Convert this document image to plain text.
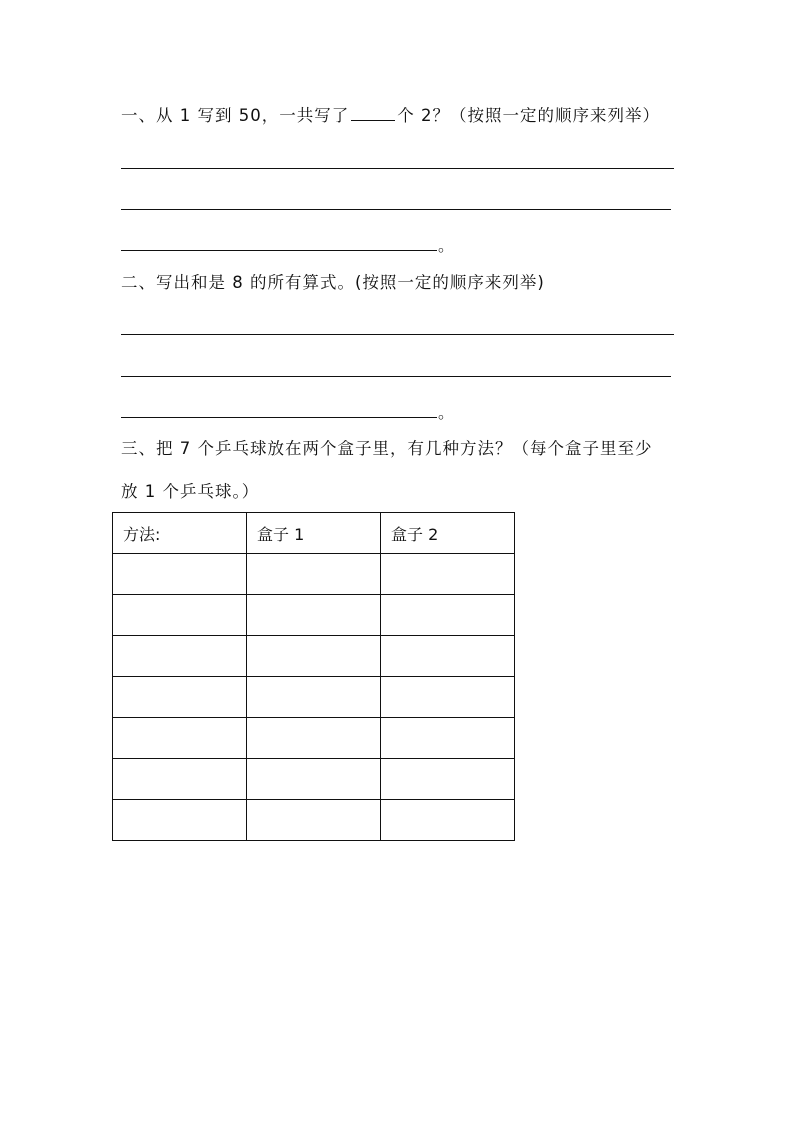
一、从 1 写到 50，一共写了	个 2？（按照一定的顺序来列举）
。
二、写出和是 8 的所有算式。(按照一定的顺序来列举)
。
三、把 7 个乒乓球放在两个盒子里，有几种方法？（每个盒子里至少
放 1 个乒乓球。）
方法:	盒子 1	盒子 2
